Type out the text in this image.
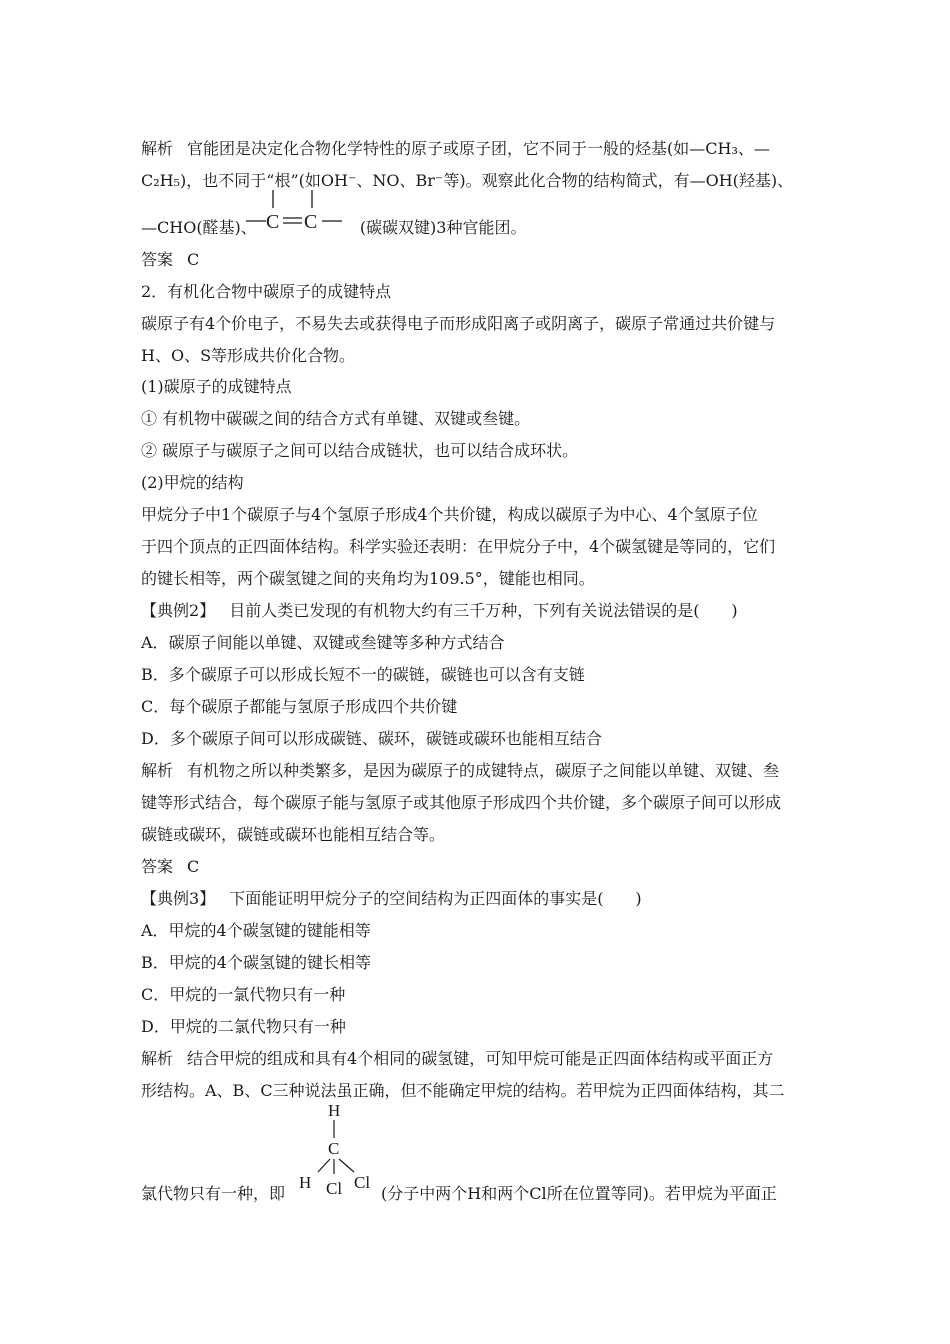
解析 官能团是决定化合物化学特性的原子或原子团，它不同于一般的烃基(如—CH₃、—
C₂H₅)，也不同于“根”(如OH⁻、NO、Br⁻等)。观察此化合物的结构简式，有—OH(羟基)、
—CHO(醛基)、	(碳碳双键)3种官能团。
C C
答案 C
2．有机化合物中碳原子的成键特点
碳原子有4个价电子，不易失去或获得电子而形成阳离子或阴离子，碳原子常通过共价键与
H、O、S等形成共价化合物。
(1)碳原子的成键特点
① 有机物中碳碳之间的结合方式有单键、双键或叁键。
② 碳原子与碳原子之间可以结合成链状，也可以结合成环状。
(2)甲烷的结构
甲烷分子中1个碳原子与4个氢原子形成4个共价键，构成以碳原子为中心、4个氢原子位
于四个顶点的正四面体结构。科学实验还表明：在甲烷分子中，4个碳氢键是等同的，它们
的键长相等，两个碳氢键之间的夹角均为109.5°，键能也相同。
【典例2】 目前人类已发现的有机物大约有三千万种，下列有关说法错误的是(　　)
A．碳原子间能以单键、双键或叁键等多种方式结合
B．多个碳原子可以形成长短不一的碳链，碳链也可以含有支链
C．每个碳原子都能与氢原子形成四个共价键
D．多个碳原子间可以形成碳链、碳环，碳链或碳环也能相互结合
解析 有机物之所以种类繁多，是因为碳原子的成键特点，碳原子之间能以单键、双键、叁
键等形式结合，每个碳原子能与氢原子或其他原子形成四个共价键，多个碳原子间可以形成
碳链或碳环，碳链或碳环也能相互结合等。
答案 C
【典例3】 下面能证明甲烷分子的空间结构为正四面体的事实是(　　)
A．甲烷的4个碳氢键的键能相等
B．甲烷的4个碳氢键的键长相等
C．甲烷的一氯代物只有一种
D．甲烷的二氯代物只有一种
解析 结合甲烷的组成和具有4个相同的碳氢键，可知甲烷可能是正四面体结构或平面正方
形结构。A、B、C三种说法虽正确，但不能确定甲烷的结构。若甲烷为正四面体结构，其二
氯代物只有一种，即	(分子中两个H和两个Cl所在位置等同)。若甲烷为平面正
H
C
H Cl Cl
